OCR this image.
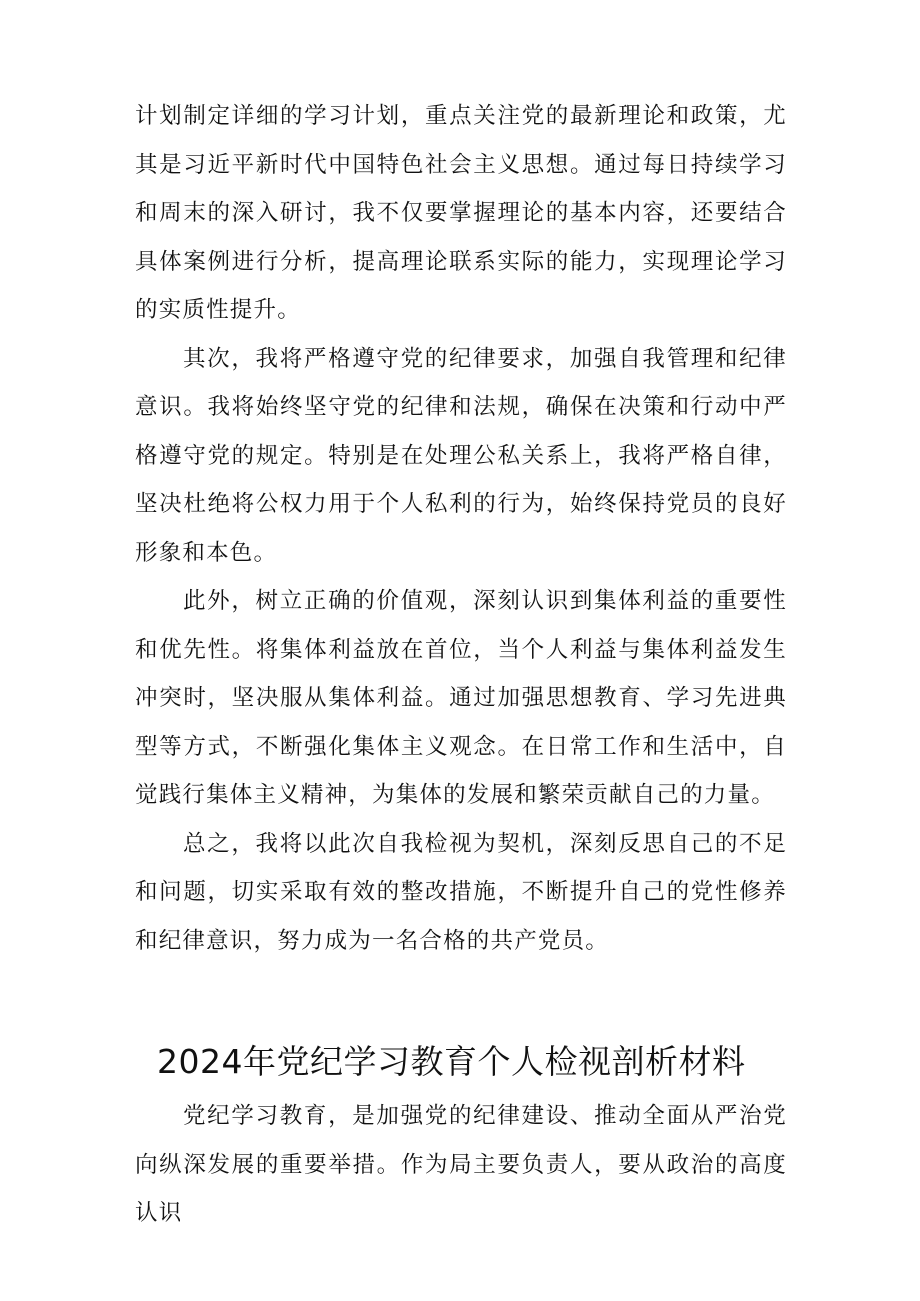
计划制定详细的学习计划，重点关注党的最新理论和政策，尤其是习近平新时代中国特色社会主义思想。通过每日持续学习和周末的深入研讨，我不仅要掌握理论的基本内容，还要结合具体案例进行分析，提高理论联系实际的能力，实现理论学习的实质性提升。

其次，我将严格遵守党的纪律要求，加强自我管理和纪律意识。我将始终坚守党的纪律和法规，确保在决策和行动中严格遵守党的规定。特别是在处理公私关系上，我将严格自律，坚决杜绝将公权力用于个人私利的行为，始终保持党员的良好形象和本色。

此外，树立正确的价值观，深刻认识到集体利益的重要性和优先性。将集体利益放在首位，当个人利益与集体利益发生冲突时，坚决服从集体利益。通过加强思想教育、学习先进典型等方式，不断强化集体主义观念。在日常工作和生活中，自觉践行集体主义精神，为集体的发展和繁荣贡献自己的力量。

总之，我将以此次自我检视为契机，深刻反思自己的不足和问题，切实采取有效的整改措施，不断提升自己的党性修养和纪律意识，努力成为一名合格的共产党员。

2024年党纪学习教育个人检视剖析材料

党纪学习教育，是加强党的纪律建设、推动全面从严治党向纵深发展的重要举措。作为局主要负责人，要从政治的高度认识
